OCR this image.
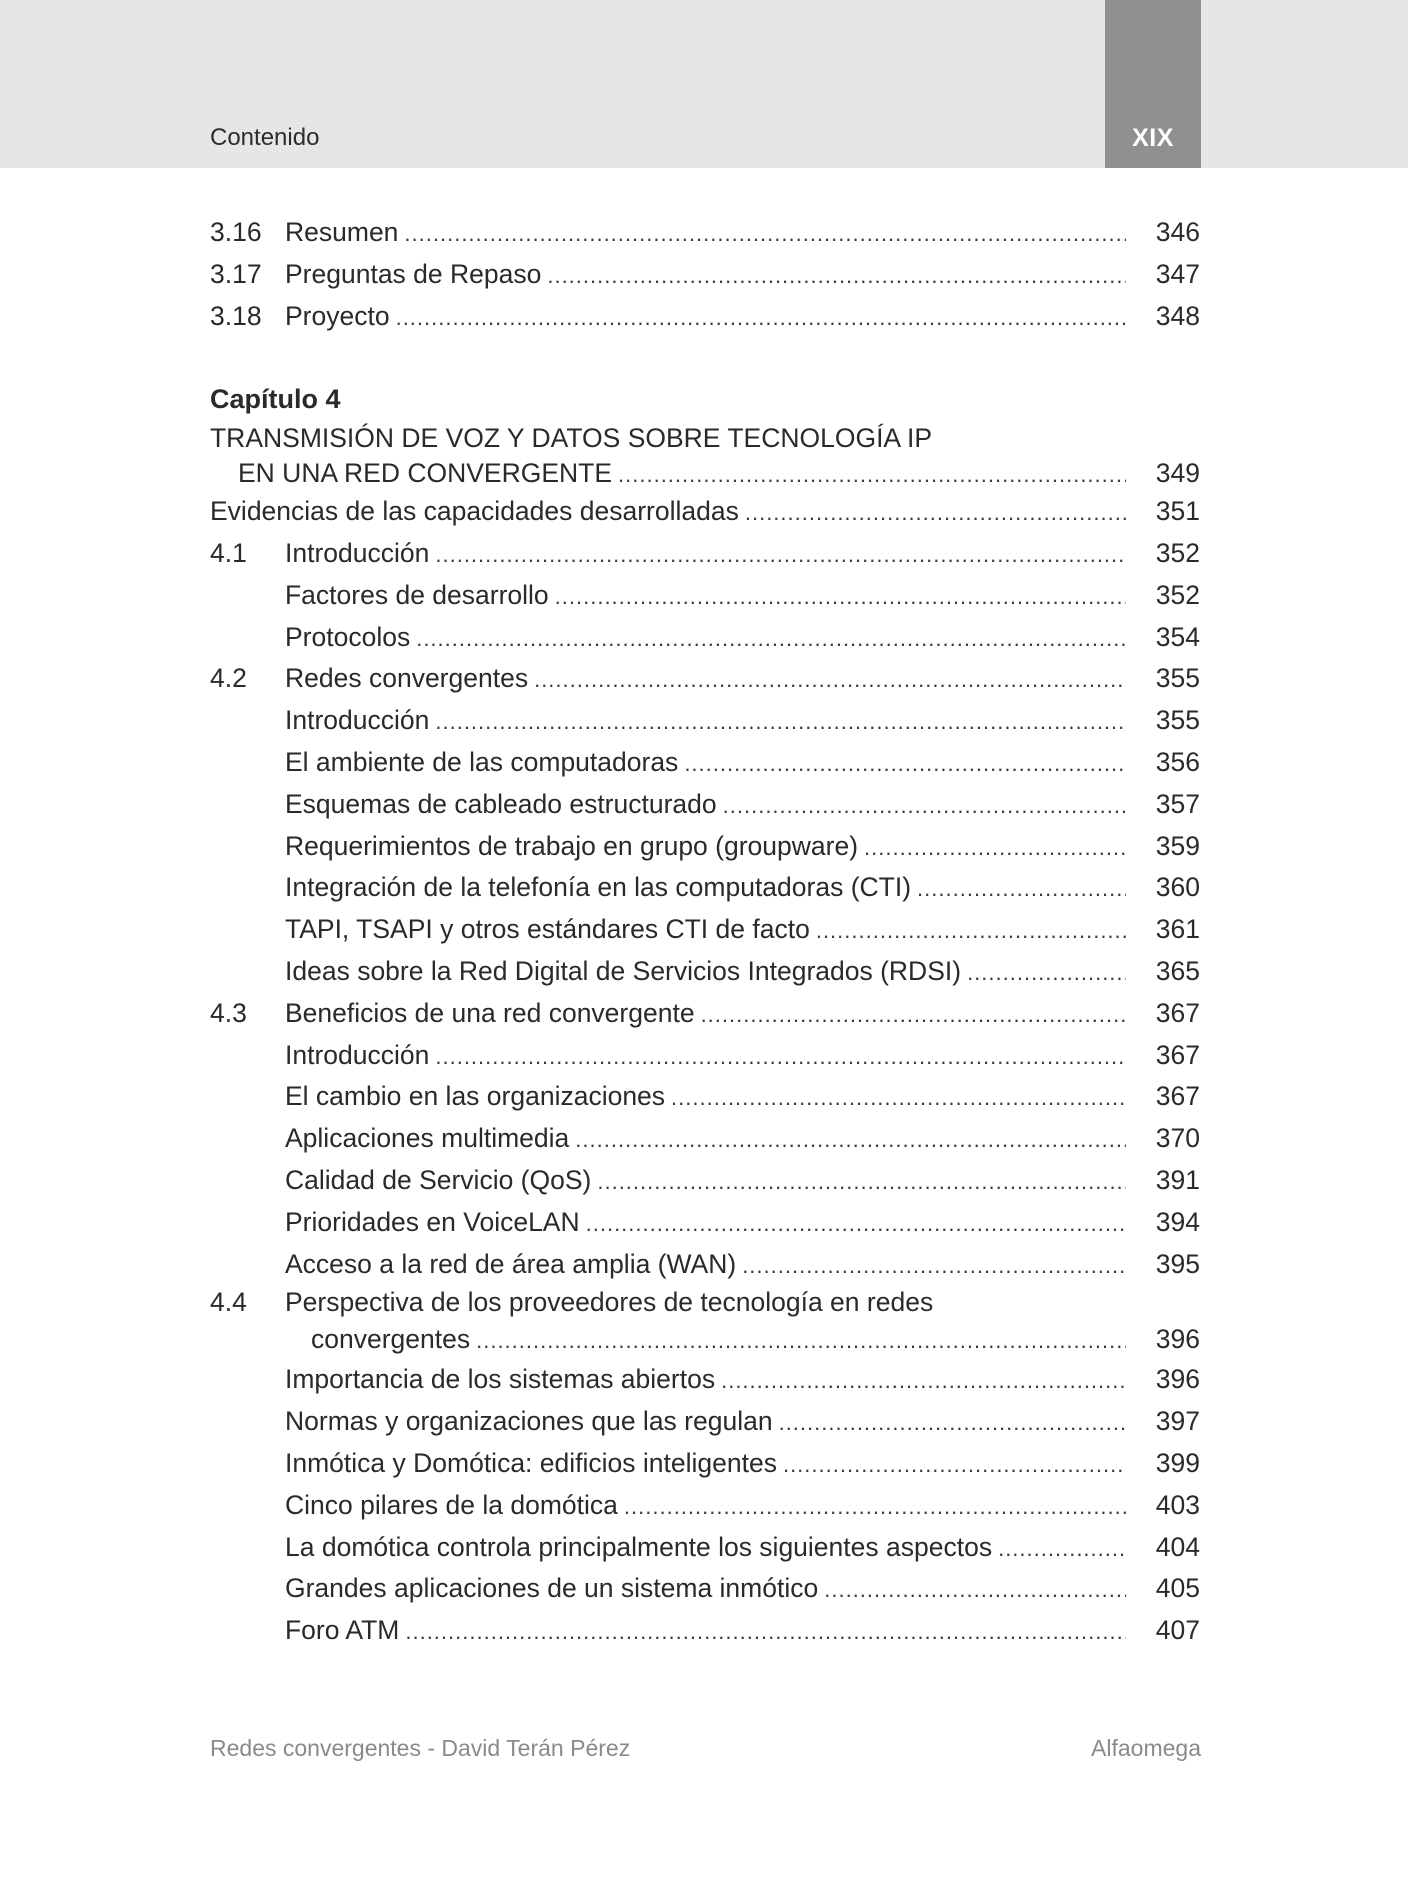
Contenido	XIX
3.16 Resumen .....	346
3.17 Preguntas de Repaso .....	347
3.18 Proyecto .....	348
Capítulo 4
TRANSMISIÓN DE VOZ Y DATOS SOBRE TECNOLOGÍA IP
EN UNA RED CONVERGENTE .....	349
Evidencias de las capacidades desarrolladas .....	351
4.1 Introducción .....	352
Factores de desarrollo .....	352
Protocolos .....	354
4.2 Redes convergentes .....	355
Introducción .....	355
El ambiente de las computadoras .....	356
Esquemas de cableado estructurado .....	357
Requerimientos de trabajo en grupo (groupware) .....	359
Integración de la telefonía en las computadoras (CTI) .....	360
TAPI, TSAPI y otros estándares CTI de facto .....	361
Ideas sobre la Red Digital de Servicios Integrados (RDSI) .....	365
4.3 Beneficios de una red convergente .....	367
Introducción .....	367
El cambio en las organizaciones .....	367
Aplicaciones multimedia .....	370
Calidad de Servicio (QoS) .....	391
Prioridades en VoiceLAN .....	394
Acceso a la red de área amplia (WAN) .....	395
4.4 Perspectiva de los proveedores de tecnología en redes
convergentes .....	396
Importancia de los sistemas abiertos .....	396
Normas y organizaciones que las regulan .....	397
Inmótica y Domótica: edificios inteligentes .....	399
Cinco pilares de la domótica .....	403
La domótica controla principalmente los siguientes aspectos .....	404
Grandes aplicaciones de un sistema inmótico .....	405
Foro ATM .....	407
Redes convergentes - David Terán Pérez	Alfaomega
